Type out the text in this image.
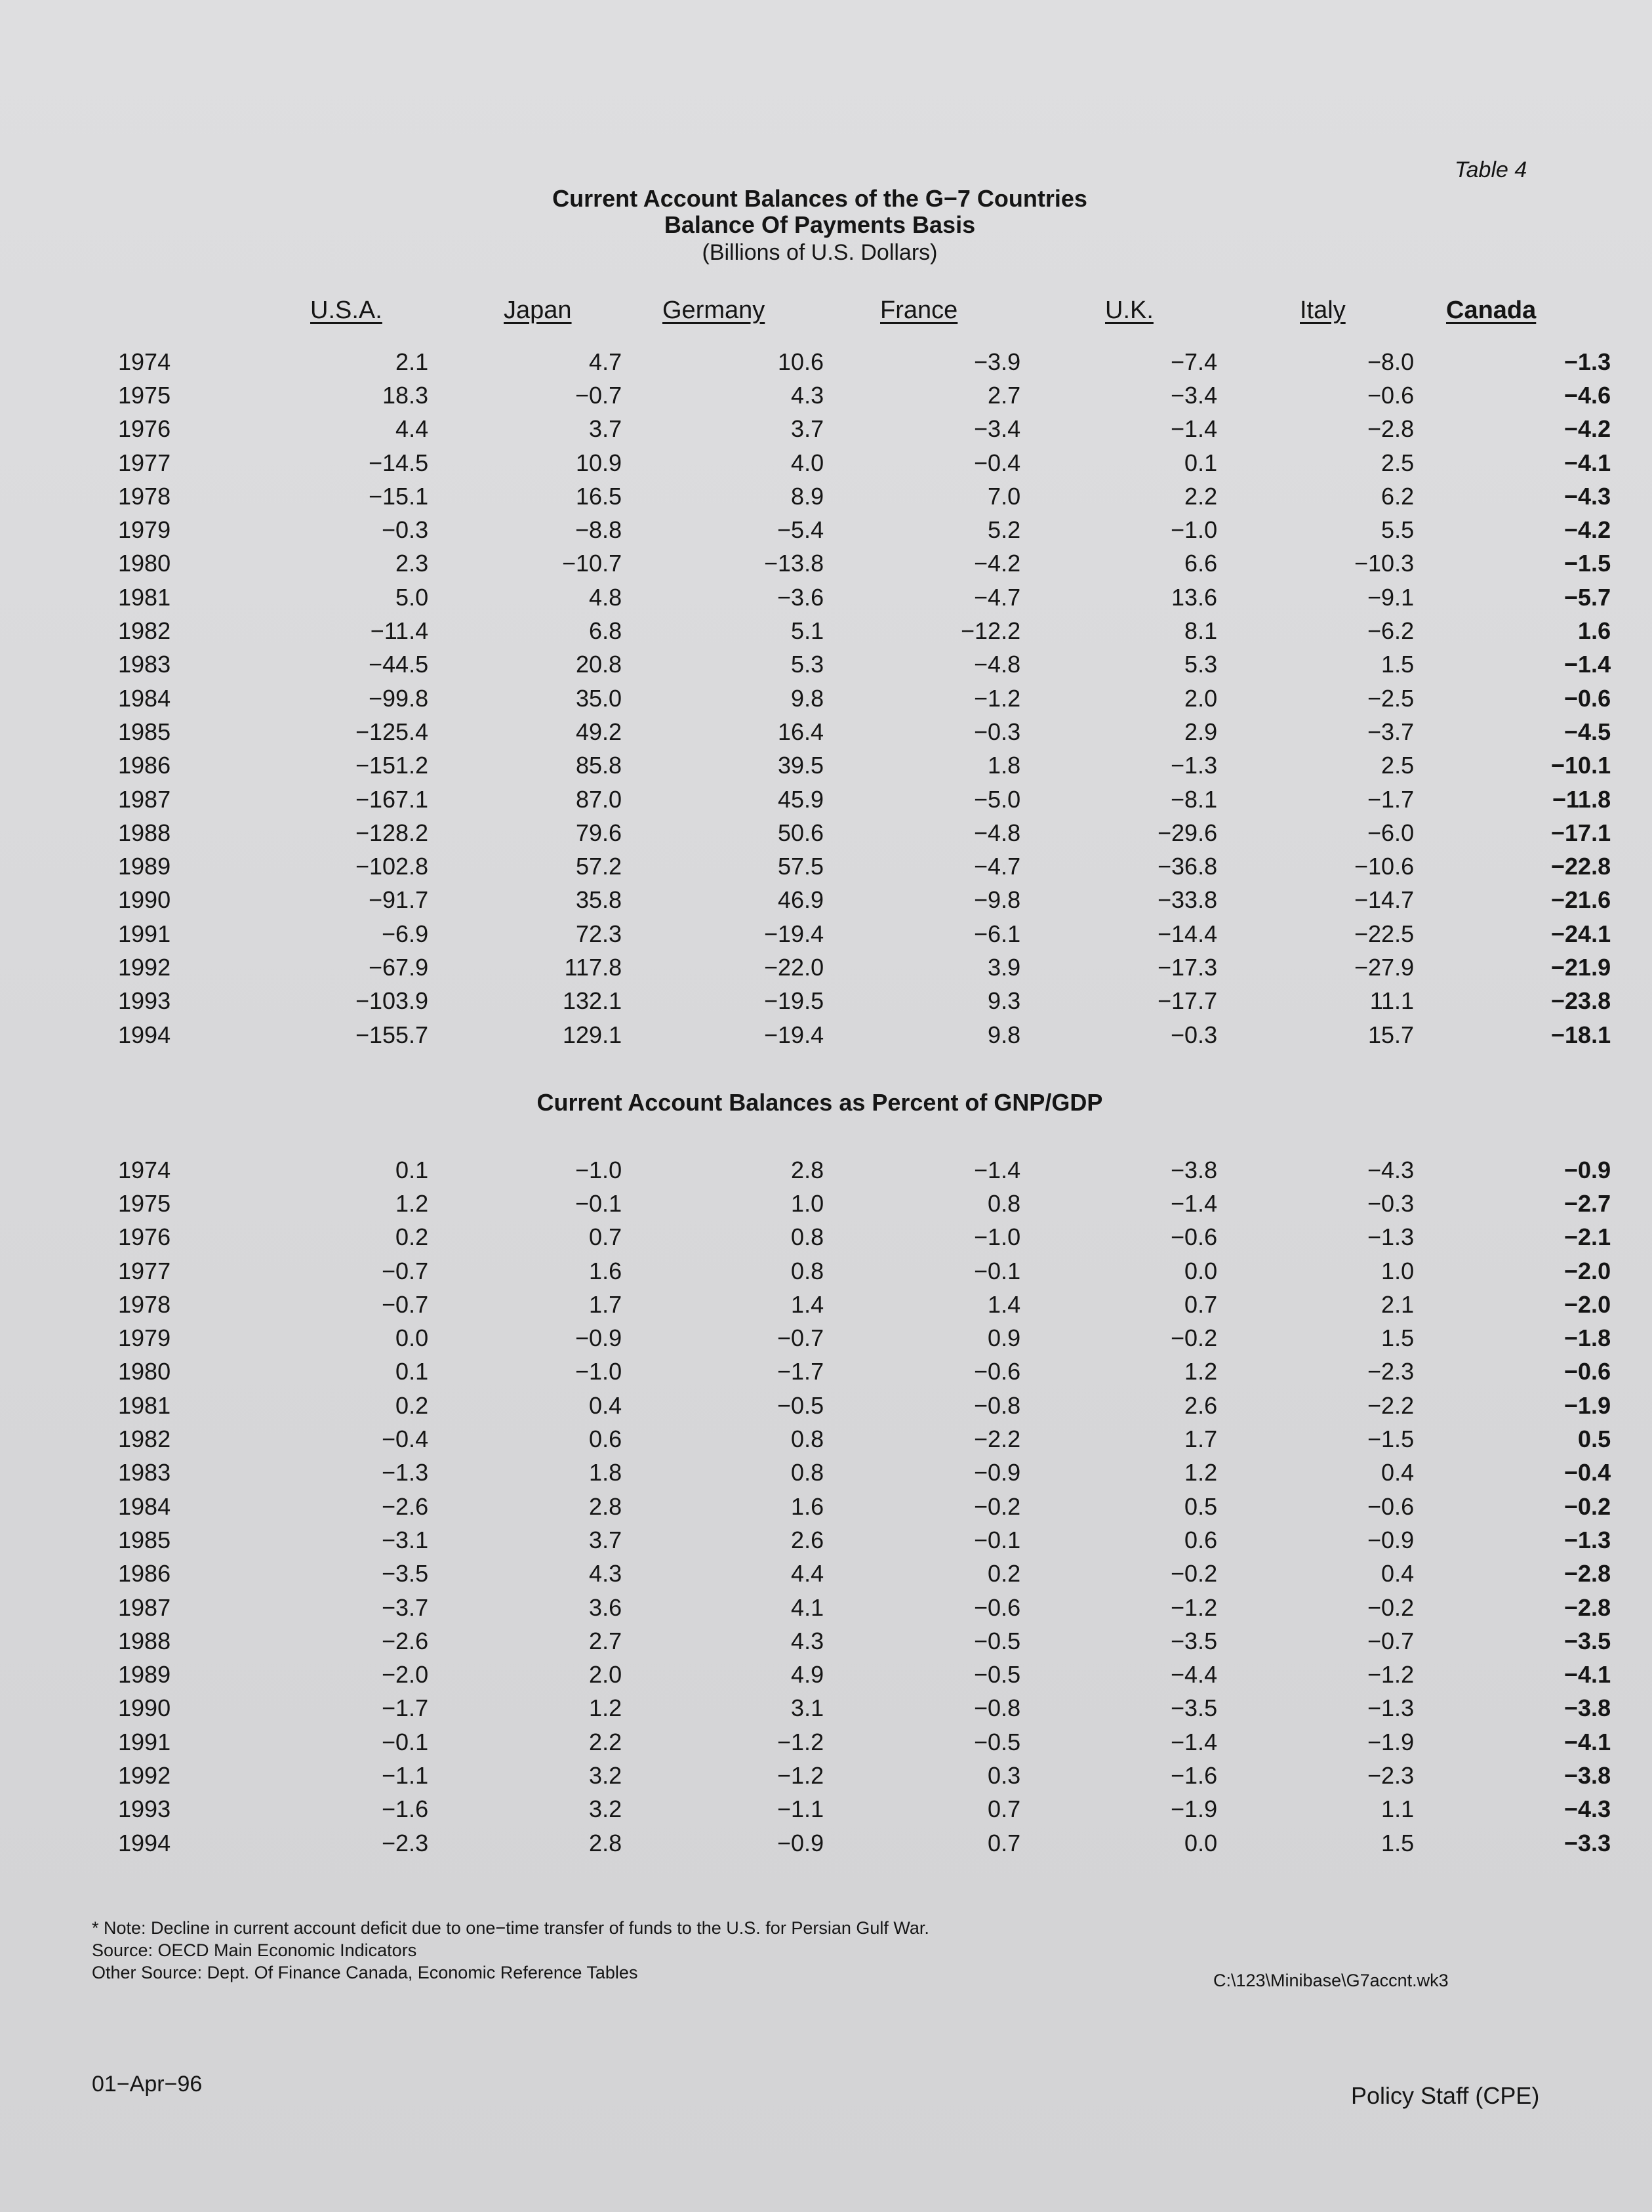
Table 4
Current Account Balances of the G−7 Countries
Balance Of Payments Basis
(Billions of U.S. Dollars)
U.S.A.	Japan	Germany	France	U.K.	Italy	Canada
1974	2.1	4.7	10.6	−3.9	−7.4	−8.0	−1.3
1975	18.3	−0.7	4.3	2.7	−3.4	−0.6	−4.6
1976	4.4	3.7	3.7	−3.4	−1.4	−2.8	−4.2
1977	−14.5	10.9	4.0	−0.4	0.1	2.5	−4.1
1978	−15.1	16.5	8.9	7.0	2.2	6.2	−4.3
1979	−0.3	−8.8	−5.4	5.2	−1.0	5.5	−4.2
1980	2.3	−10.7	−13.8	−4.2	6.6	−10.3	−1.5
1981	5.0	4.8	−3.6	−4.7	13.6	−9.1	−5.7
1982	−11.4	6.8	5.1	−12.2	8.1	−6.2	1.6
1983	−44.5	20.8	5.3	−4.8	5.3	1.5	−1.4
1984	−99.8	35.0	9.8	−1.2	2.0	−2.5	−0.6
1985	−125.4	49.2	16.4	−0.3	2.9	−3.7	−4.5
1986	−151.2	85.8	39.5	1.8	−1.3	2.5	−10.1
1987	−167.1	87.0	45.9	−5.0	−8.1	−1.7	−11.8
1988	−128.2	79.6	50.6	−4.8	−29.6	−6.0	−17.1
1989	−102.8	57.2	57.5	−4.7	−36.8	−10.6	−22.8
1990	−91.7	35.8	46.9	−9.8	−33.8	−14.7	−21.6
1991	−6.9	72.3	−19.4	−6.1	−14.4	−22.5	−24.1
1992	−67.9	117.8	−22.0	3.9	−17.3	−27.9	−21.9
1993	−103.9	132.1	−19.5	9.3	−17.7	11.1	−23.8
1994	−155.7	129.1	−19.4	9.8	−0.3	15.7	−18.1
Current Account Balances as Percent of GNP/GDP
1974	0.1	−1.0	2.8	−1.4	−3.8	−4.3	−0.9
1975	1.2	−0.1	1.0	0.8	−1.4	−0.3	−2.7
1976	0.2	0.7	0.8	−1.0	−0.6	−1.3	−2.1
1977	−0.7	1.6	0.8	−0.1	0.0	1.0	−2.0
1978	−0.7	1.7	1.4	1.4	0.7	2.1	−2.0
1979	0.0	−0.9	−0.7	0.9	−0.2	1.5	−1.8
1980	0.1	−1.0	−1.7	−0.6	1.2	−2.3	−0.6
1981	0.2	0.4	−0.5	−0.8	2.6	−2.2	−1.9
1982	−0.4	0.6	0.8	−2.2	1.7	−1.5	0.5
1983	−1.3	1.8	0.8	−0.9	1.2	0.4	−0.4
1984	−2.6	2.8	1.6	−0.2	0.5	−0.6	−0.2
1985	−3.1	3.7	2.6	−0.1	0.6	−0.9	−1.3
1986	−3.5	4.3	4.4	0.2	−0.2	0.4	−2.8
1987	−3.7	3.6	4.1	−0.6	−1.2	−0.2	−2.8
1988	−2.6	2.7	4.3	−0.5	−3.5	−0.7	−3.5
1989	−2.0	2.0	4.9	−0.5	−4.4	−1.2	−4.1
1990	−1.7	1.2	3.1	−0.8	−3.5	−1.3	−3.8
1991	−0.1	2.2	−1.2	−0.5	−1.4	−1.9	−4.1
1992	−1.1	3.2	−1.2	0.3	−1.6	−2.3	−3.8
1993	−1.6	3.2	−1.1	0.7	−1.9	1.1	−4.3
1994	−2.3	2.8	−0.9	0.7	0.0	1.5	−3.3
* Note: Decline in current account deficit due to one−time transfer of funds to the U.S. for Persian Gulf War.
Source: OECD Main Economic Indicators
Other Source: Dept. Of Finance Canada, Economic Reference Tables	C:\123\Minibase\G7accnt.wk3
01−Apr−96	Policy Staff (CPE)
